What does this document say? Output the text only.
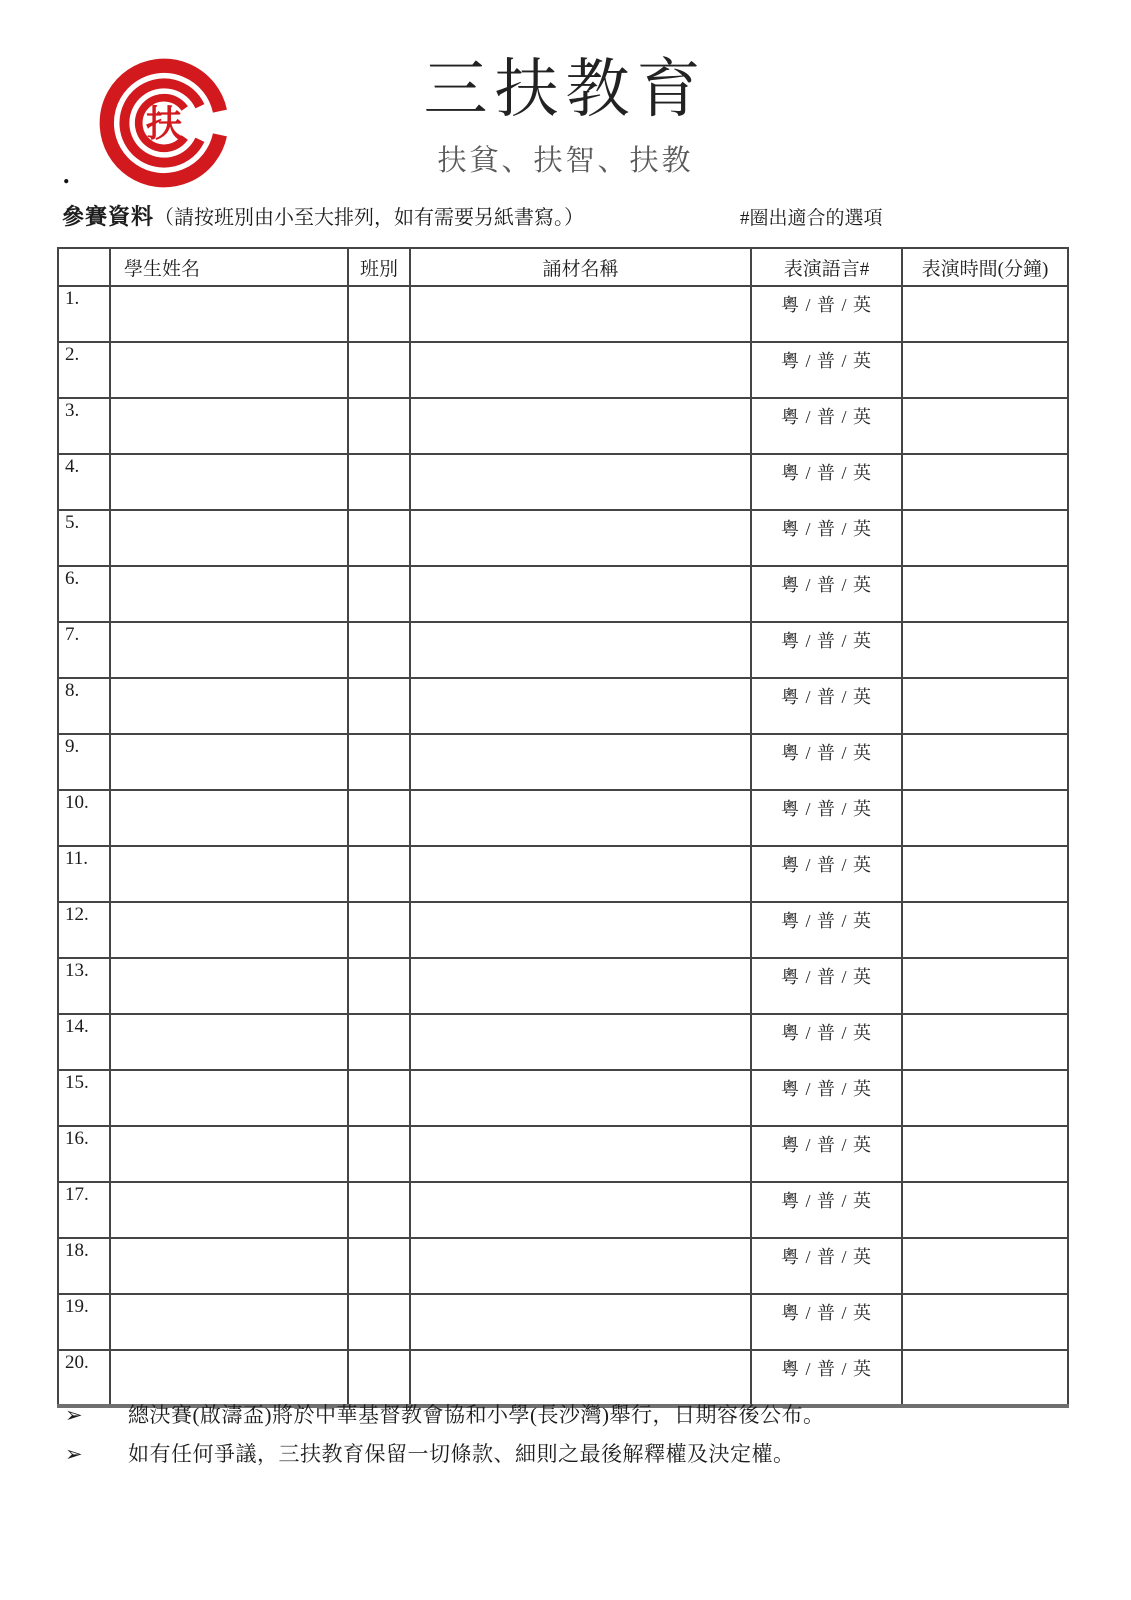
扶	三扶教育
扶貧、扶智、扶教
.
參賽資料（請按班別由小至大排列，如有需要另紙書寫。）	#圈出適合的選項
	學生姓名	班別	誦材名稱	表演語言#	表演時間(分鐘)
1.				粵 / 普 / 英	
2.				粵 / 普 / 英	
3.				粵 / 普 / 英	
4.				粵 / 普 / 英	
5.				粵 / 普 / 英	
6.				粵 / 普 / 英	
7.				粵 / 普 / 英	
8.				粵 / 普 / 英	
9.				粵 / 普 / 英	
10.				粵 / 普 / 英	
11.				粵 / 普 / 英	
12.				粵 / 普 / 英	
13.				粵 / 普 / 英	
14.				粵 / 普 / 英	
15.				粵 / 普 / 英	
16.				粵 / 普 / 英	
17.				粵 / 普 / 英	
18.				粵 / 普 / 英	
19.				粵 / 普 / 英	
20.				粵 / 普 / 英	
➢	總決賽(啟濤盃)將於中華基督教會協和小學(長沙灣)舉行，日期容後公布。
➢	如有任何爭議，三扶教育保留一切條款、細則之最後解釋權及決定權。
